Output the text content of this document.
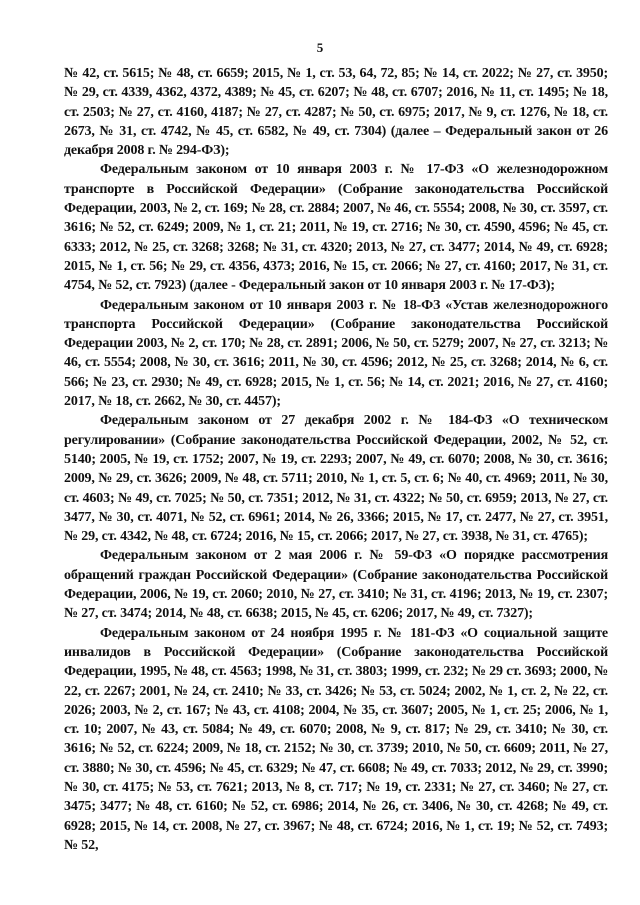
5

№ 42, ст. 5615; № 48, ст. 6659; 2015, № 1, ст. 53, 64, 72, 85; № 14, ст. 2022; № 27, ст. 3950; № 29, ст. 4339, 4362, 4372, 4389; № 45, ст. 6207; № 48, ст. 6707; 2016, № 11, ст. 1495; № 18, ст. 2503; № 27, ст. 4160, 4187; № 27, ст. 4287; № 50, ст. 6975; 2017, № 9, ст. 1276, № 18, ст. 2673, № 31, ст. 4742, № 45, ст. 6582, № 49, ст. 7304) (далее – Федеральный закон от 26 декабря 2008 г. № 294-ФЗ);

Федеральным законом от 10 января 2003 г. № 17-ФЗ «О железнодорожном транспорте в Российской Федерации» (Собрание законодательства Российской Федерации, 2003, № 2, ст. 169; № 28, ст. 2884; 2007, № 46, ст. 5554; 2008, № 30, ст. 3597, ст. 3616; № 52, ст. 6249; 2009, № 1, ст. 21; 2011, № 19, ст. 2716; № 30, ст. 4590, 4596; № 45, ст. 6333; 2012, № 25, ст. 3268; 3268; № 31, ст. 4320; 2013, № 27, ст. 3477; 2014, № 49, ст. 6928; 2015, № 1, ст. 56; № 29, ст. 4356, 4373; 2016, № 15, ст. 2066; № 27, ст. 4160; 2017, № 31, ст. 4754, № 52, ст. 7923) (далее - Федеральный закон от 10 января 2003 г. № 17-ФЗ);

Федеральным законом от 10 января 2003 г. № 18-ФЗ «Устав железнодорожного транспорта Российской Федерации» (Собрание законодательства Российской Федерации 2003, № 2, ст. 170; № 28, ст. 2891; 2006, № 50, ст. 5279; 2007, № 27, ст. 3213; № 46, ст. 5554; 2008, № 30, ст. 3616; 2011, № 30, ст. 4596; 2012, № 25, ст. 3268; 2014, № 6, ст. 566; № 23, ст. 2930; № 49, ст. 6928; 2015, № 1, ст. 56; № 14, ст. 2021; 2016, № 27, ст. 4160; 2017, № 18, ст. 2662, № 30, ст. 4457);

Федеральным законом от 27 декабря 2002 г. № 184-ФЗ «О техническом регулировании» (Собрание законодательства Российской Федерации, 2002, № 52, ст. 5140; 2005, № 19, ст. 1752; 2007, № 19, ст. 2293; 2007, № 49, ст. 6070; 2008, № 30, ст. 3616; 2009, № 29, ст. 3626; 2009, № 48, ст. 5711; 2010, № 1, ст. 5, ст. 6; № 40, ст. 4969; 2011, № 30, ст. 4603; № 49, ст. 7025; № 50, ст. 7351; 2012, № 31, ст. 4322; № 50, ст. 6959; 2013, № 27, ст. 3477, № 30, ст. 4071, № 52, ст. 6961; 2014, № 26, 3366; 2015, № 17, ст. 2477, № 27, ст. 3951, № 29, ст. 4342, № 48, ст. 6724; 2016, № 15, ст. 2066; 2017, № 27, ст. 3938, № 31, ст. 4765);

Федеральным законом от 2 мая 2006 г. № 59-ФЗ «О порядке рассмотрения обращений граждан Российской Федерации» (Собрание законодательства Российской Федерации, 2006, № 19, ст. 2060; 2010, № 27, ст. 3410; № 31, ст. 4196; 2013, № 19, ст. 2307; № 27, ст. 3474; 2014, № 48, ст. 6638; 2015, № 45, ст. 6206; 2017, № 49, ст. 7327);

Федеральным законом от 24 ноября 1995 г. № 181-ФЗ «О социальной защите инвалидов в Российской Федерации» (Собрание законодательства Российской Федерации, 1995, № 48, ст. 4563; 1998, № 31, ст. 3803; 1999, ст. 232; № 29 ст. 3693; 2000, № 22, ст. 2267; 2001, № 24, ст. 2410; № 33, ст. 3426; № 53, ст. 5024; 2002, № 1, ст. 2, № 22, ст. 2026; 2003, № 2, ст. 167; № 43, ст. 4108; 2004, № 35, ст. 3607; 2005, № 1, ст. 25; 2006, № 1, ст. 10; 2007, № 43, ст. 5084; № 49, ст. 6070; 2008, № 9, ст. 817; № 29, ст. 3410; № 30, ст. 3616; № 52, ст. 6224; 2009, № 18, ст. 2152; № 30, ст. 3739; 2010, № 50, ст. 6609; 2011, № 27, ст. 3880; № 30, ст. 4596; № 45, ст. 6329; № 47, ст. 6608; № 49, ст. 7033; 2012, № 29, ст. 3990; № 30, ст. 4175; № 53, ст. 7621; 2013, № 8, ст. 717; № 19, ст. 2331; № 27, ст. 3460; № 27, ст. 3475; 3477; № 48, ст. 6160; № 52, ст. 6986; 2014, № 26, ст. 3406, № 30, ст. 4268; № 49, ст. 6928; 2015, № 14, ст. 2008, № 27, ст. 3967; № 48, ст. 6724; 2016, № 1, ст. 19; № 52, ст. 7493; № 52,
